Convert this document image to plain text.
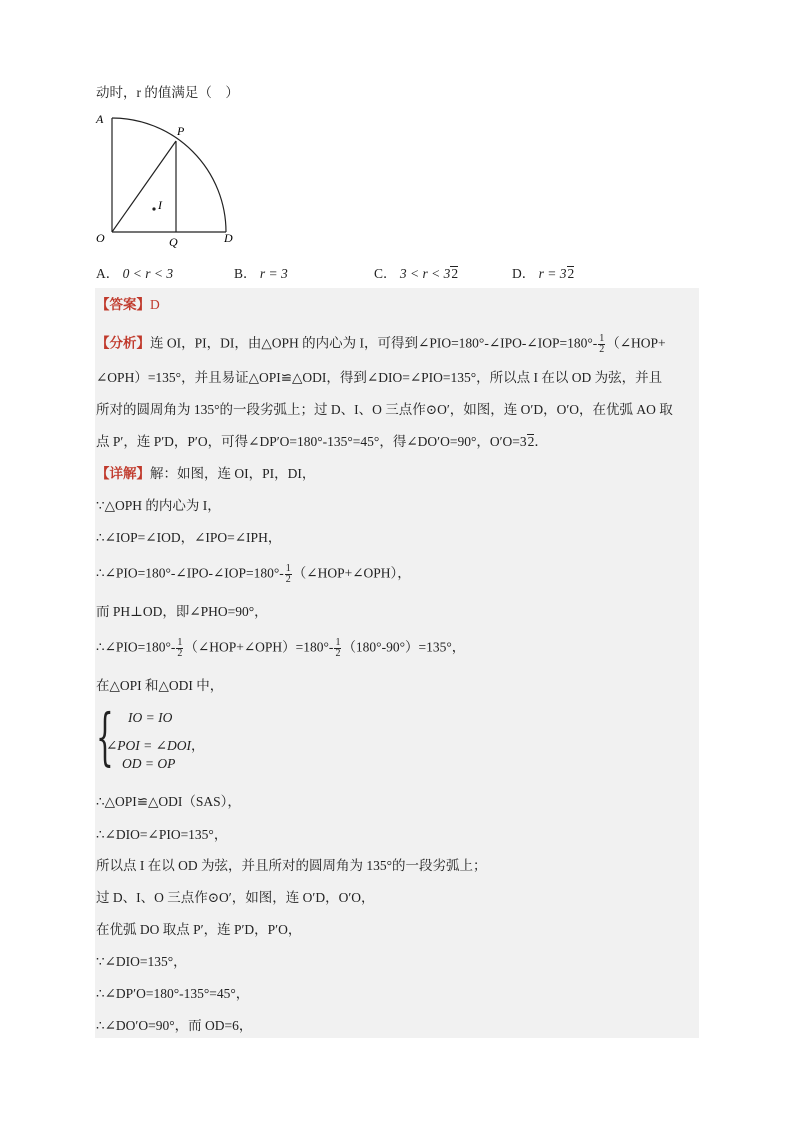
动时，r 的值满足（　）
A
P
O	Q	D
I
A． 0 < r < 3	B． r = 3	C． 3 < r < 32	D． r = 32
【答案】D
【分析】连 OI，PI，DI，由△OPH 的内心为 I，可得到∠PIO=180°-∠IPO-∠IOP=180°- $\frac{1}{2}$ （∠HOP+
∠OPH）=135°，并且易证△OPI≌△ODI，得到∠DIO=∠PIO=135°，所以点 I 在以 OD 为弦，并且
所对的圆周角为 135°的一段劣弧上；过 D、I、O 三点作⊙O′，如图，连 O′D，O′O，在优弧 AO 取
点 P′，连 P′D，P′O，可得∠DP′O=180°-135°=45°，得∠DO′O=90°，O′O=32．
【详解】解：如图，连 OI，PI，DI，
∵△OPH 的内心为 I，
∴∠IOP=∠IOD，∠IPO=∠IPH，
∴∠PIO=180°-∠IPO-∠IOP=180°- $\frac{1}{2}$ （∠HOP+∠OPH），
而 PH⊥OD，即∠PHO=90°，
∴∠PIO=180°- $\frac{1}{2}$ （∠HOP+∠OPH）=180°- $\frac{1}{2} (180^\circ-90^\circ)=135^\circ$，
在△OPI 和△ODI 中，
{ IO = IO
∠POI = ∠DOI，
OD = OP
∴△OPI≌△ODI（SAS），
∴∠DIO=∠PIO=135°，
所以点 I 在以 OD 为弦，并且所对的圆周角为 135°的一段劣弧上；
过 D、I、O 三点作⊙O′，如图，连 O′D，O′O，
在优弧 DO 取点 P′，连 P′D，P′O，
∵∠DIO=135°，
∴∠DP′O=180°-135°=45°，
∴∠DO′O=90°，而 OD=6，
